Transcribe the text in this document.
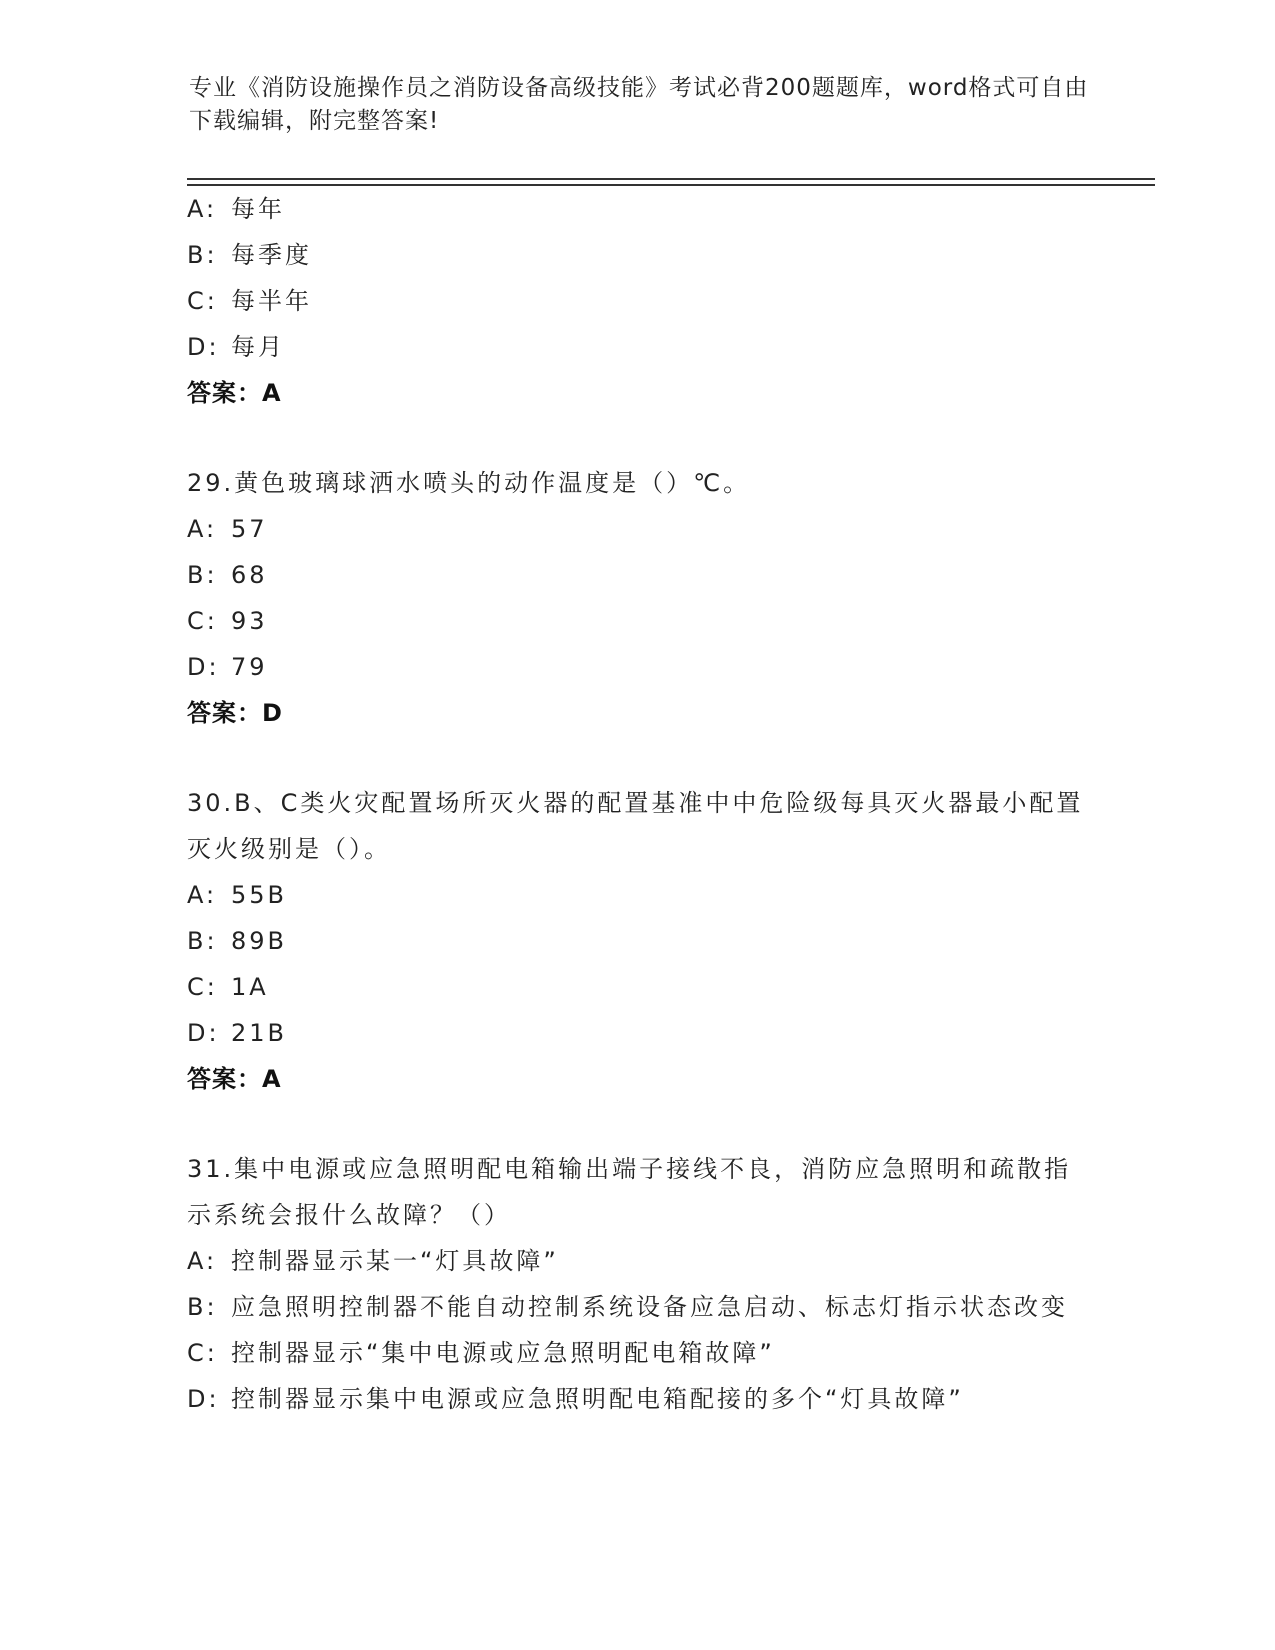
专业《消防设施操作员之消防设备高级技能》考试必背200题题库，word格式可自由下载编辑，附完整答案!

A: 每年
B: 每季度
C: 每半年
D: 每月
答案：A
29.黄色玻璃球洒水喷头的动作温度是（）℃。
A: 57
B: 68
C: 93
D: 79
答案：D
30.B、C类火灾配置场所灭火器的配置基准中中危险级每具灭火器最小配置灭火级别是（）。
A: 55B
B: 89B
C: 1A
D: 21B
答案：A
31.集中电源或应急照明配电箱输出端子接线不良，消防应急照明和疏散指示系统会报什么故障？（）
A: 控制器显示某一“灯具故障”
B: 应急照明控制器不能自动控制系统设备应急启动、标志灯指示状态改变
C: 控制器显示“集中电源或应急照明配电箱故障”
D: 控制器显示集中电源或应急照明配电箱配接的多个“灯具故障”
